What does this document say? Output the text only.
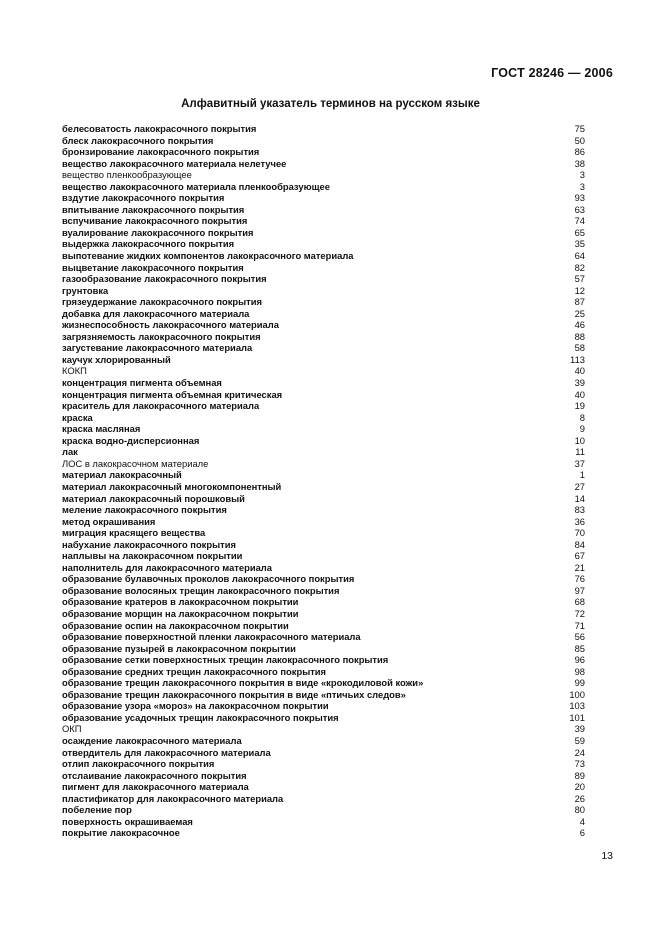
ГОСТ 28246 — 2006
Алфавитный указатель терминов на русском языке
белесоватость лакокрасочного покрытия	75
блеск лакокрасочного покрытия	50
бронзирование лакокрасочного покрытия	86
вещество лакокрасочного материала нелетучее	38
вещество пленкообразующее	3
вещество лакокрасочного материала пленкообразующее	3
вздутие лакокрасочного покрытия	93
впитывание лакокрасочного покрытия	63
вспучивание лакокрасочного покрытия	74
вуалирование лакокрасочного покрытия	65
выдержка лакокрасочного покрытия	35
выпотевание жидких компонентов лакокрасочного материала	64
выцветание лакокрасочного покрытия	82
газообразование лакокрасочного покрытия	57
грунтовка	12
грязеудержание лакокрасочного покрытия	87
добавка для лакокрасочного материала	25
жизнеспособность лакокрасочного материала	46
загрязняемость лакокрасочного покрытия	88
загустевание лакокрасочного материала	58
каучук хлорированный	113
КОКП	40
концентрация пигмента объемная	39
концентрация пигмента объемная критическая	40
краситель для лакокрасочного материала	19
краска	8
краска масляная	9
краска водно-дисперсионная	10
лак	11
ЛОС в лакокрасочном материале	37
материал лакокрасочный	1
материал лакокрасочный многокомпонентный	27
материал лакокрасочный порошковый	14
меление лакокрасочного покрытия	83
метод окрашивания	36
миграция красящего вещества	70
набухание лакокрасочного покрытия	84
наплывы на лакокрасочном покрытии	67
наполнитель для лакокрасочного материала	21
образование булавочных проколов лакокрасочного покрытия	76
образование волосяных трещин лакокрасочного покрытия	97
образование кратеров в лакокрасочном покрытии	68
образование морщин на лакокрасочном покрытии	72
образование оспин на лакокрасочном покрытии	71
образование поверхностной пленки лакокрасочного материала	56
образование пузырей в лакокрасочном покрытии	85
образование сетки поверхностных трещин лакокрасочного покрытия	96
образование средних трещин лакокрасочного покрытия	98
образование трещин лакокрасочного покрытия в виде «крокодиловой кожи»	99
образование трещин лакокрасочного покрытия в виде «птичьих следов»	100
образование узора «мороз» на лакокрасочном покрытии	103
образование усадочных трещин лакокрасочного покрытия	101
ОКП	39
осаждение лакокрасочного материала	59
отвердитель для лакокрасочного материала	24
отлип лакокрасочного покрытия	73
отслаивание лакокрасочного покрытия	89
пигмент для лакокрасочного материала	20
пластификатор для лакокрасочного материала	26
побеление пор	80
поверхность окрашиваемая	4
покрытие лакокрасочное	6
13
